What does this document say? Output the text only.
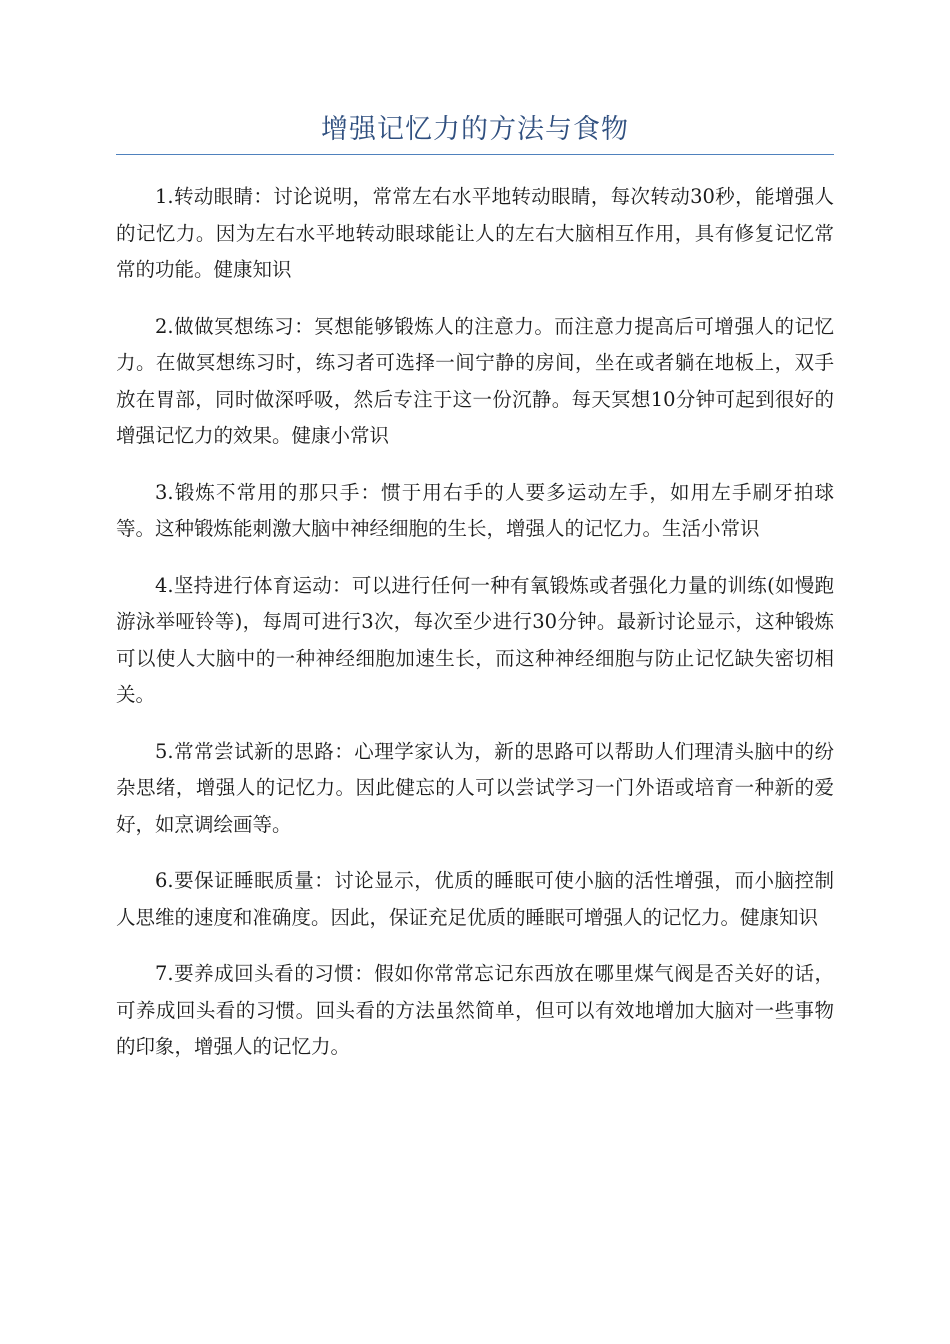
增强记忆力的方法与食物

1.转动眼睛：讨论说明，常常左右水平地转动眼睛，每次转动30秒，能增强人的记忆力。因为左右水平地转动眼球能让人的左右大脑相互作用，具有修复记忆常常的功能。健康知识

2.做做冥想练习：冥想能够锻炼人的注意力。而注意力提高后可增强人的记忆力。在做冥想练习时，练习者可选择一间宁静的房间，坐在或者躺在地板上，双手放在胃部，同时做深呼吸，然后专注于这一份沉静。每天冥想10分钟可起到很好的增强记忆力的效果。健康小常识

3.锻炼不常用的那只手：惯于用右手的人要多运动左手，如用左手刷牙拍球等。这种锻炼能刺激大脑中神经细胞的生长，增强人的记忆力。生活小常识

4.坚持进行体育运动：可以进行任何一种有氧锻炼或者强化力量的训练(如慢跑游泳举哑铃等)，每周可进行3次，每次至少进行30分钟。最新讨论显示，这种锻炼可以使人大脑中的一种神经细胞加速生长，而这种神经细胞与防止记忆缺失密切相关。

5.常常尝试新的思路：心理学家认为，新的思路可以帮助人们理清头脑中的纷杂思绪，增强人的记忆力。因此健忘的人可以尝试学习一门外语或培育一种新的爱好，如烹调绘画等。

6.要保证睡眠质量：讨论显示，优质的睡眠可使小脑的活性增强，而小脑控制人思维的速度和准确度。因此，保证充足优质的睡眠可增强人的记忆力。健康知识

7.要养成回头看的习惯：假如你常常忘记东西放在哪里煤气阀是否关好的话，可养成回头看的习惯。回头看的方法虽然简单，但可以有效地增加大脑对一些事物的印象，增强人的记忆力。
